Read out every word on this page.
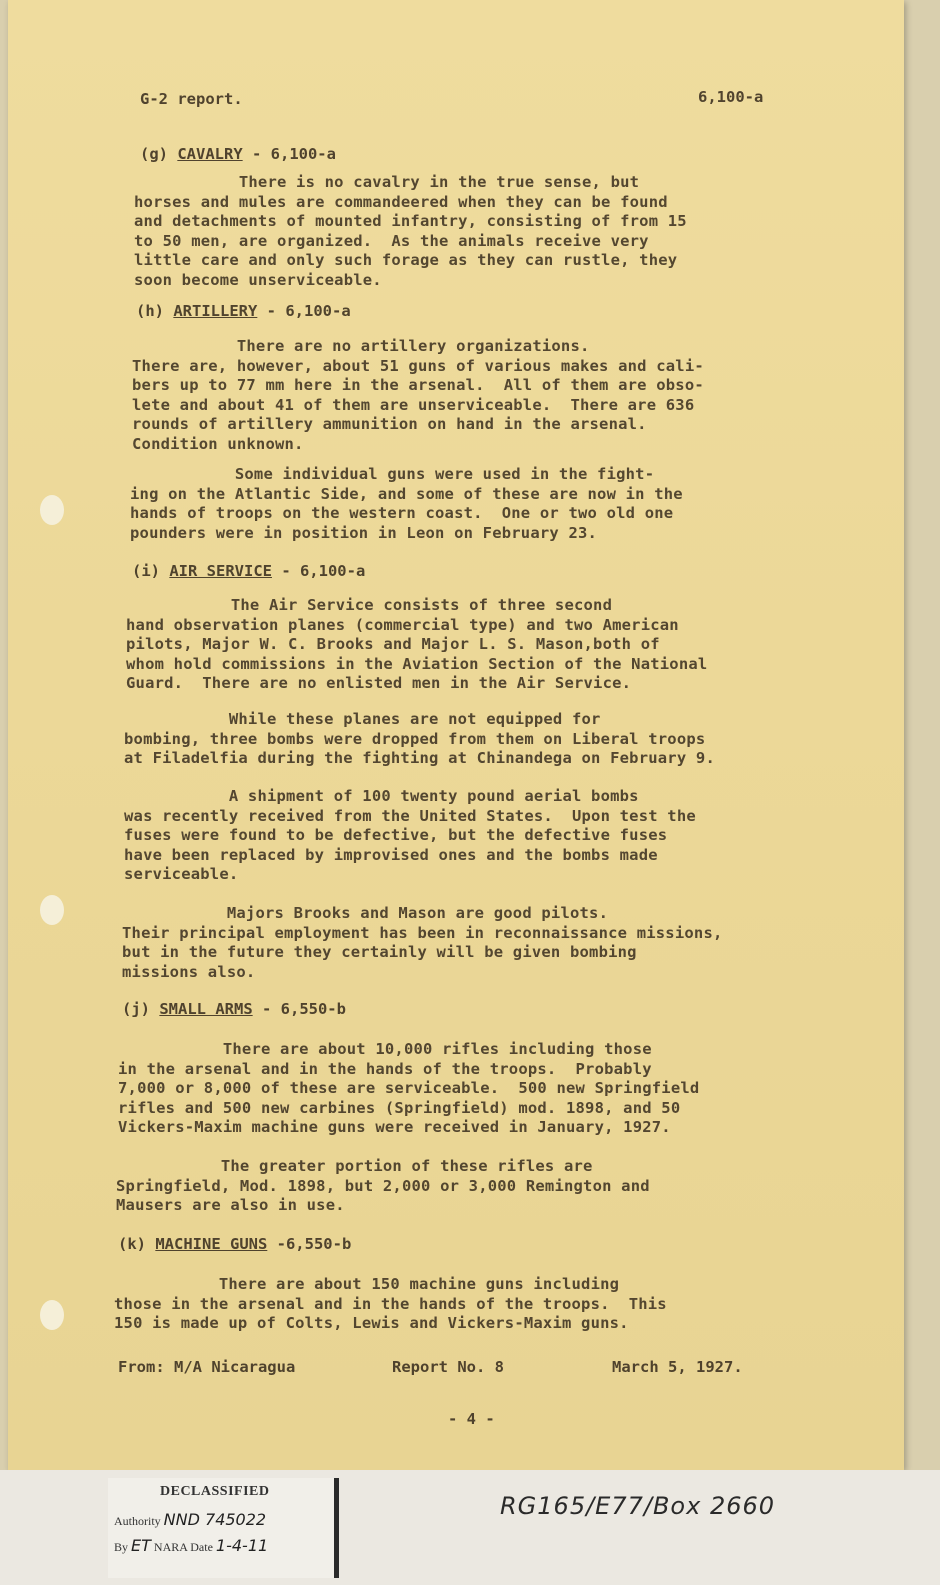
G-2 report.	6,100-a
(g) CAVALRY - 6,100-a
There is no cavalry in the true sense, but
horses and mules are commandeered when they can be found
and detachments of mounted infantry, consisting of from 15
to 50 men, are organized.  As the animals receive very
little care and only such forage as they can rustle, they
soon become unserviceable.
(h) ARTILLERY - 6,100-a
There are no artillery organizations.
There are, however, about 51 guns of various makes and cali-
bers up to 77 mm here in the arsenal.  All of them are obso-
lete and about 41 of them are unserviceable.  There are 636
rounds of artillery ammunition on hand in the arsenal.
Condition unknown.
Some individual guns were used in the fight-
ing on the Atlantic Side, and some of these are now in the
hands of troops on the western coast.  One or two old one
pounders were in position in Leon on February 23.
(i) AIR SERVICE - 6,100-a
The Air Service consists of three second
hand observation planes (commercial type) and two American
pilots, Major W. C. Brooks and Major L. S. Mason,both of
whom hold commissions in the Aviation Section of the National
Guard.  There are no enlisted men in the Air Service.
While these planes are not equipped for
bombing, three bombs were dropped from them on Liberal troops
at Filadelfia during the fighting at Chinandega on February 9.
A shipment of 100 twenty pound aerial bombs
was recently received from the United States.  Upon test the
fuses were found to be defective, but the defective fuses
have been replaced by improvised ones and the bombs made
serviceable.
Majors Brooks and Mason are good pilots.
Their principal employment has been in reconnaissance missions,
but in the future they certainly will be given bombing
missions also.
(j) SMALL ARMS - 6,550-b
There are about 10,000 rifles including those
in the arsenal and in the hands of the troops.  Probably
7,000 or 8,000 of these are serviceable.  500 new Springfield
rifles and 500 new carbines (Springfield) mod. 1898, and 50
Vickers-Maxim machine guns were received in January, 1927.
The greater portion of these rifles are
Springfield, Mod. 1898, but 2,000 or 3,000 Remington and
Mausers are also in use.
(k) MACHINE GUNS -6,550-b
There are about 150 machine guns including
those in the arsenal and in the hands of the troops.  This
150 is made up of Colts, Lewis and Vickers-Maxim guns.
From: M/A Nicaragua	Report No. 8	March 5, 1927.
- 4 -
DECLASSIFIED
Authority NND 745022
By ET NARA Date 1-4-11
RG165/E77/Box 2660
